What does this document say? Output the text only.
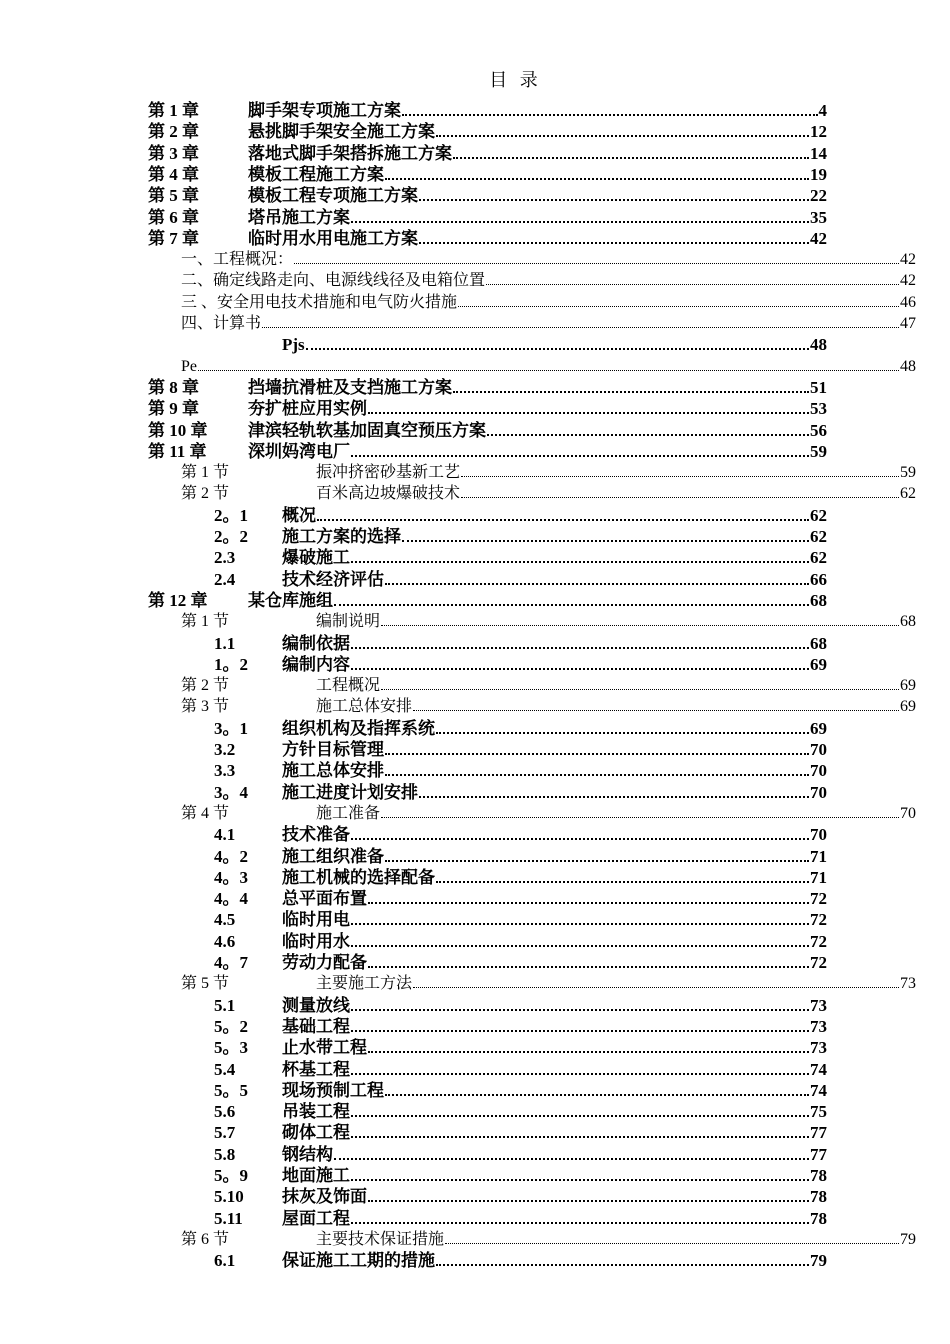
目 录
第 1 章	脚手架专项施工方案	4
第 2 章	悬挑脚手架安全施工方案	12
第 3 章	落地式脚手架搭拆施工方案	14
第 4 章	模板工程施工方案	19
第 5 章	模板工程专项施工方案	22
第 6 章	塔吊施工方案	35
第 7 章	临时用水用电施工方案	42
一、工程概况：	42
二、确定线路走向、电源线线径及电箱位置	42
三 、安全用电技术措施和电气防火措施	46
四、计算书	47
Pjs	48
Pe	48
第 8 章	挡墙抗滑桩及支挡施工方案	51
第 9 章	夯扩桩应用实例	53
第 10 章	津滨轻轨软基加固真空预压方案	56
第 11 章	深圳妈湾电厂	59
第 1 节	振冲挤密砂基新工艺	59
第 2 节	百米高边坡爆破技术	62
2。1	概况	62
2。2	施工方案的选择	62
2.3	爆破施工	62
2.4	技术经济评估	66
第 12 章	某仓库施组	68
第 1 节	编制说明	68
1.1	编制依据	68
1。2	编制内容	69
第 2 节	工程概况	69
第 3 节	施工总体安排	69
3。1	组织机构及指挥系统	69
3.2	方针目标管理	70
3.3	施工总体安排	70
3。4	施工进度计划安排	70
第 4 节	施工准备	70
4.1	技术准备	70
4。2	施工组织准备	71
4。3	施工机械的选择配备	71
4。4	总平面布置	72
4.5	临时用电	72
4.6	临时用水	72
4。7	劳动力配备	72
第 5 节	主要施工方法	73
5.1	测量放线	73
5。2	基础工程	73
5。3	止水带工程	73
5.4	杯基工程	74
5。5	现场预制工程	74
5.6	吊装工程	75
5.7	砌体工程	77
5.8	钢结构	77
5。9	地面施工	78
5.10	抹灰及饰面	78
5.11	屋面工程	78
第 6 节	主要技术保证措施	79
6.1	保证施工工期的措施	79
